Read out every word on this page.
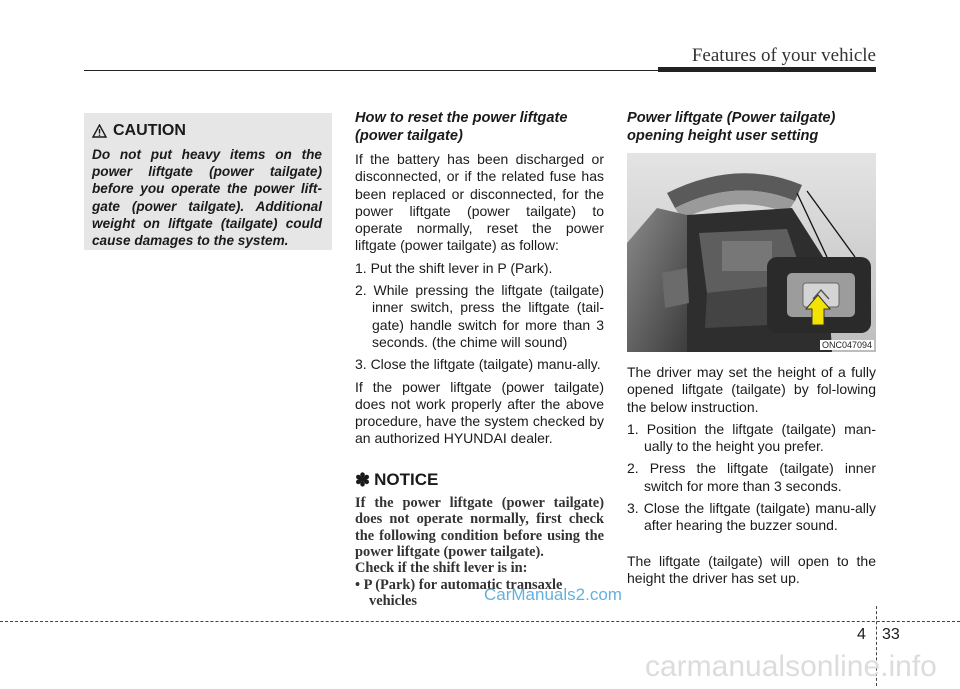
Features of your vehicle
CAUTION
Do not put heavy items on the power liftgate (power tailgate) before you operate the power lift-gate (power tailgate). Additional weight on liftgate (tailgate) could cause damages to the system.
How to reset the power liftgate (power tailgate)
If the battery has been discharged or disconnected, or if the related fuse has been replaced or disconnected, for the power liftgate (power tailgate) to operate normally, reset the power liftgate (power tailgate) as follow:
1. Put the shift lever in P (Park).
2. While pressing the liftgate (tailgate) inner switch, press the liftgate (tail-gate) handle switch for more than 3 seconds. (the chime will sound)
3. Close the liftgate (tailgate) manu-ally.
If the power liftgate (power tailgate) does not work properly after the above procedure, have the system checked by an authorized HYUNDAI dealer.
✽ NOTICE
If the power liftgate (power tailgate) does not operate normally, first check the following condition before using the power liftgate (power tailgate).
Check if the shift lever is in:
• P (Park) for automatic transaxle vehicles
Power liftgate (Power tailgate) opening height user setting
ONC047094
The driver may set the height of a fully opened liftgate (tailgate) by fol-lowing the below instruction.
1. Position the liftgate (tailgate) man-ually to the height you prefer.
2. Press the liftgate (tailgate) inner switch for more than 3 seconds.
3. Close the liftgate (tailgate) manu-ally after hearing the buzzer sound.
The liftgate (tailgate) will open to the height the driver has set up.
CarManuals2.com
4 33
carmanualsonline.info
